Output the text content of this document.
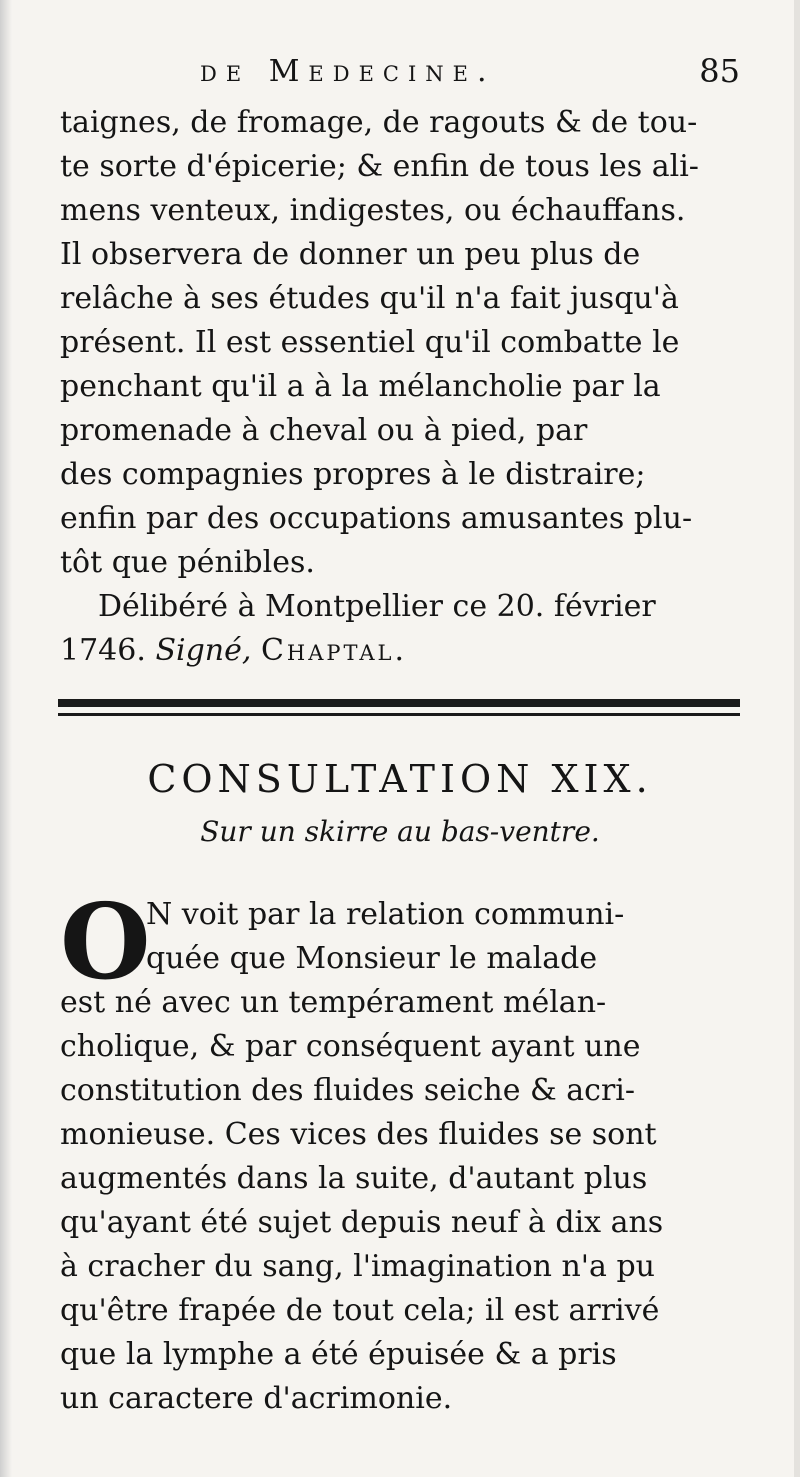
de Medecine.	85
taignes, de fromage, de ragouts & de tou-
te sorte d'épicerie; & enfin de tous les ali-
mens venteux, indigestes, ou échauffans.
Il observera de donner un peu plus de
relâche à ses études qu'il n'a fait jusqu'à
présent. Il est essentiel qu'il combatte le
penchant qu'il a à la mélancholie par la
promenade à cheval ou à pied, par
des compagnies propres à le distraire;
enfin par des occupations amusantes plu-
tôt que pénibles.
Délibéré à Montpellier ce 20. février
1746. Signé, Chaptal.
CONSULTATION XIX.
Sur un skirre au bas-ventre.
O
N voit par la relation communi-
quée que Monsieur le malade
est né avec un tempérament mélan-
cholique, & par conséquent ayant une
constitution des fluides seiche & acri-
monieuse. Ces vices des fluides se sont
augmentés dans la suite, d'autant plus
qu'ayant été sujet depuis neuf à dix ans
à cracher du sang, l'imagination n'a pu
qu'être frapée de tout cela; il est arrivé
que la lymphe a été épuisée & a pris
un caractere d'acrimonie.
